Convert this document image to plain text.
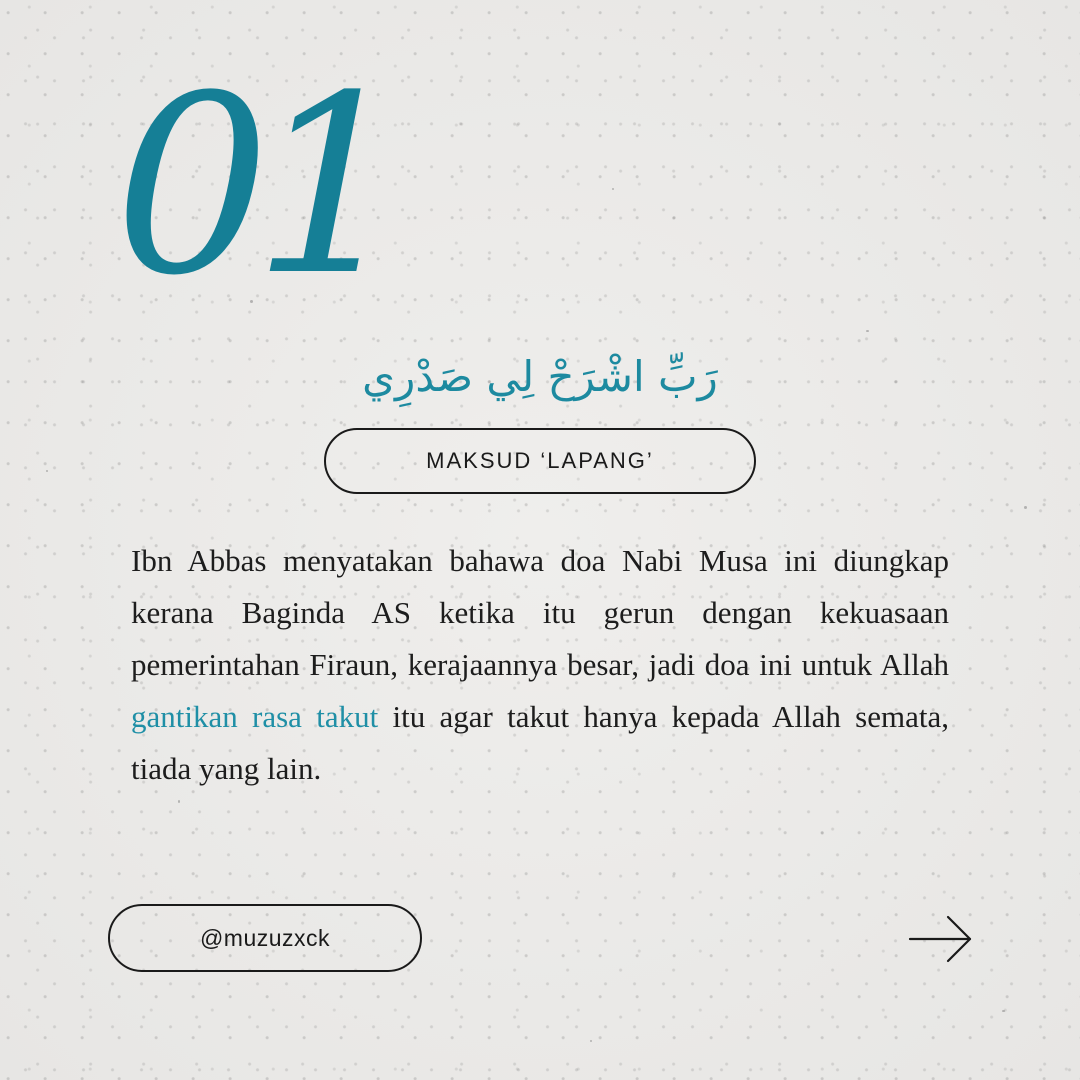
01
رَبِّ اشْرَحْ لِي صَدْرِي
MAKSUD ‘LAPANG’

Ibn Abbas menyatakan bahawa doa Nabi Musa ini diungkap kerana Baginda AS ketika itu gerun dengan kekuasaan pemerintahan Firaun, kerajaannya besar, jadi doa ini untuk Allah gantikan rasa takut itu agar takut hanya kepada Allah semata, tiada yang lain.

@muzuzxck
